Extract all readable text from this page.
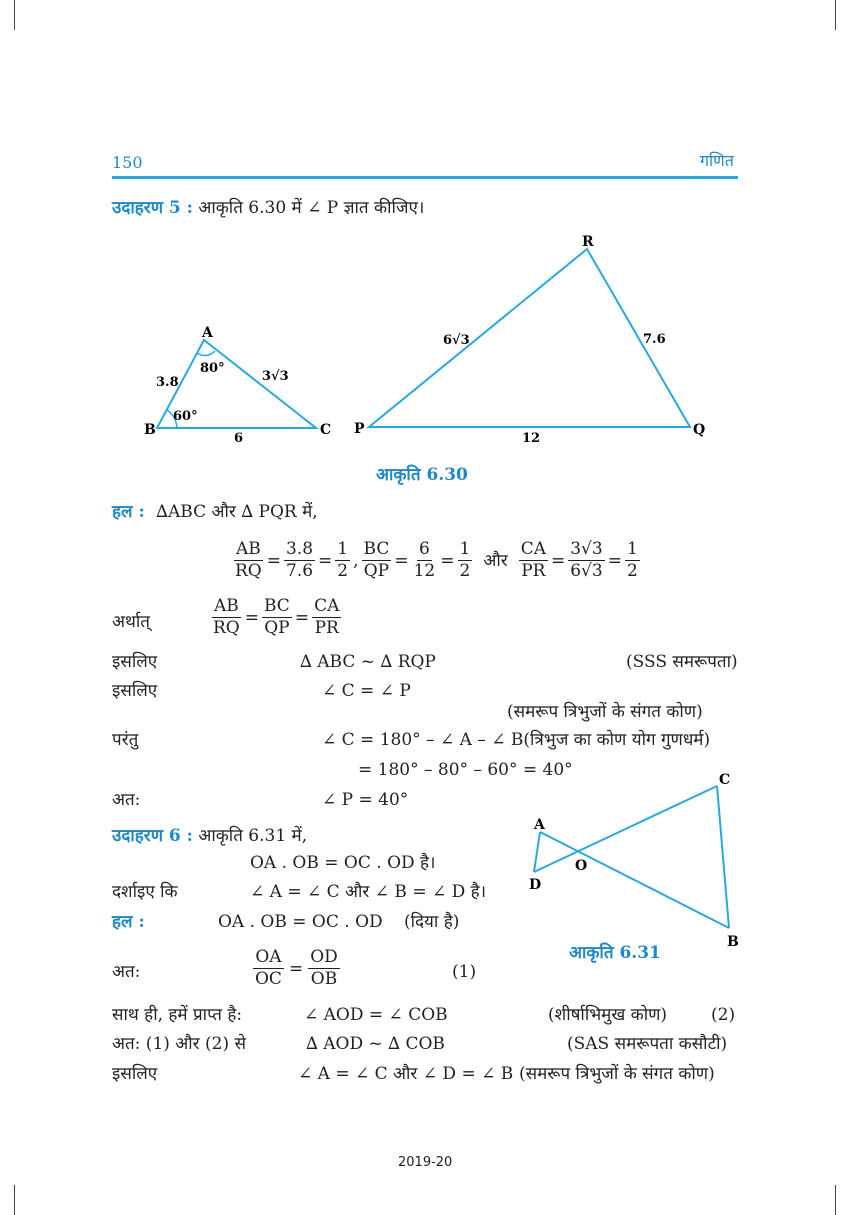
150	गणित
उदाहरण 5 : आकृति 6.30 में ∠ P ज्ञात कीजिए।
A
B	C
80°
60°
3.8	3√3
6
R
P	Q
6√3	7.6
12
आकृति 6.30
हल : ∆ABC और ∆ PQR में,
$\frac{AB}{RQ} = \frac{3.8}{7.6} = \frac{1}{2}$ , $\frac{BC}{QP} = \frac{6}{12} = \frac{1}{2}$ और $\frac{CA}{PR} = \frac{3√3}{6√3} = \frac{1}{2}$
अर्थात्	$\frac{AB}{RQ} = \frac{BC}{QP} = \frac{CA}{PR}$
इसलिए	∆ ABC ~ ∆ RQP	(SSS समरूपता)
इसलिए	∠ C = ∠ P
(समरूप त्रिभुजों के संगत कोण)
परंतु	∠ C = 180° – ∠ A – ∠ B(त्रिभुज का कोण योग गुणधर्म)
= 180° – 80° – 60° = 40°
अत:	∠ P = 40°
उदाहरण 6 : आकृति 6.31 में,
OA . OB = OC . OD है।
दर्शाइए कि	∠ A = ∠ C और ∠ B = ∠ D है।
A
D
O
C
B
आकृति 6.31
हल :	OA . OB = OC . OD (दिया है)
अत:	$\frac{OA}{OC} = \frac{OD}{OB}$	(1)
साथ ही, हमें प्राप्त है:	∠ AOD = ∠ COB	(शीर्षाभिमुख कोण)	(2)
अत: (1) और (2) से	∆ AOD ~ ∆ COB	(SAS समरूपता कसौटी)
इसलिए	∠ A = ∠ C और ∠ D = ∠ B (समरूप त्रिभुजों के संगत कोण)
2019-20
